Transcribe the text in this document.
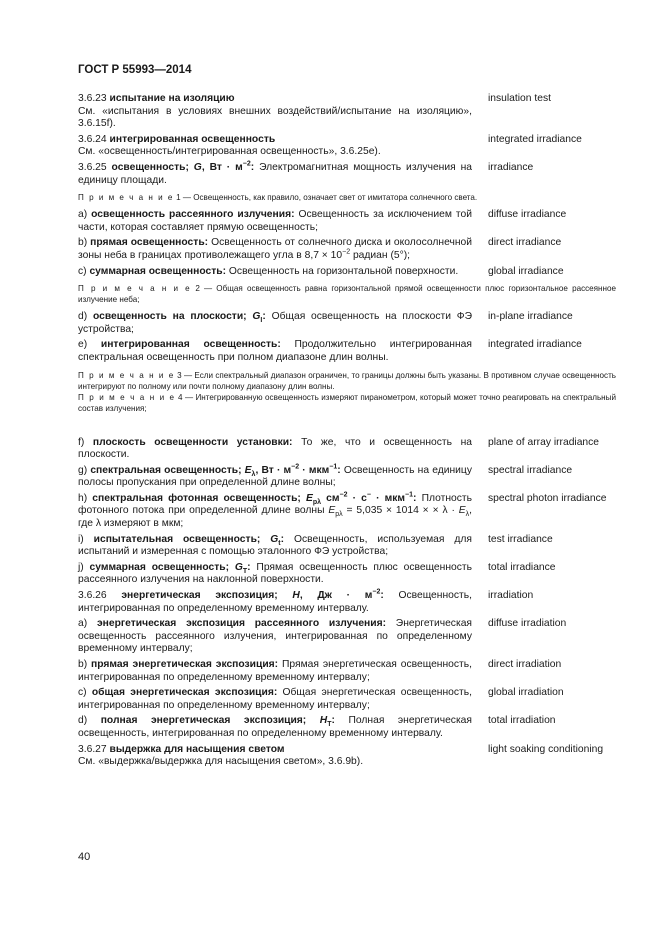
ГОСТ Р 55993—2014
3.6.23 испытание на изоляцию
См. «испытания в условиях внешних воздействий/испытание на изоляцию», 3.6.15f).
insulation test
3.6.24 интегрированная освещенность
См. «освещенность/интегрированная освещенность», 3.6.25е).
integrated irradiance
3.6.25 освещенность; G, Вт · $м^{-2}$: Электромагнитная мощность излучения на единицу площади.
irradiance
П р и м е ч а н и е 1 — Освещенность, как правило, означает свет от имитатора солнечного света.
а) освещенность рассеянного излучения: Освещенность за исключением той части, которая составляет прямую освещенность;
diffuse irradiance
b) прямая освещенность: Освещенность от солнечного диска и околосолнечной зоны неба в границах противолежащего угла в $8,7 \times 10^{-2}$ радиан (5°);
direct irradiance
c) суммарная освещенность: Освещенность на горизонтальной поверхности.	global irradiance
П р и м е ч а н и е 2 — Общая освещенность равна горизонтальной прямой освещенности плюс горизонтальное рассеянное излучение неба;
d) освещенность на плоскости; $G_I$: Общая освещенность на плоскости ФЭ устройства;
in-plane irradiance
e) интегрированная освещенность: Продолжительно интегрированная спектральная освещенность при полном диапазоне длин волны.
integrated irradiance
П р и м е ч а н и е 3 — Если спектральный диапазон ограничен, то границы должны быть указаны. В противном случае освещенность интегрируют по полному или почти полному диапазону длин волны.
П р и м е ч а н и е 4 — Интегрированную освещенность измеряют пиранометром, который может точно реагировать на спектральный состав излучения;
f) плоскость освещенности установки: То же, что и освещенность на плоскости.
plane of array irradiance
g) спектральная освещенность; $E_\lambda$, Вт · $м^{-2} \cdot мкм^{-1}$: Освещенность на единицу полосы пропускания при определенной длине волны;
spectral irradiance
h) спектральная фотонная освещенность; $E_{p\lambda}$ $см^{-2} \cdot с^- \cdot мкм^{-1}$: Плотность фотонного потока при определенной длине волны $E_{p\lambda} = 5,035 \times 1014$ × × $\lambda \cdot E_\lambda$, где λ измеряют в мкм;
spectral photon irradiance
i) испытательная освещенность; $G_t$: Освещенность, используемая для испытаний и измеренная с помощью эталонного ФЭ устройства;
test irradiance
j) суммарная освещенность; $G_T$: Прямая освещенность плюс освещенность рассеянного излучения на наклонной поверхности.
total irradiance
3.6.26 энергетическая экспозиция; H, Дж · $м^{-2}$: Освещенность, интегрированная по определенному временному интервалу.
irradiation
а) энергетическая экспозиция рассеянного излучения: Энергетическая освещенность рассеянного излучения, интегрированная по определенному временному интервалу;
diffuse irradiation
b) прямая энергетическая экспозиция: Прямая энергетическая освещенность, интегрированная по определенному временному интервалу;
direct irradiation
c) общая энергетическая экспозиция: Общая энергетическая освещенность, интегрированная по определенному временному интервалу;
global irradiation
d) полная энергетическая экспозиция; $H_T$: Полная энергетическая освещенность, интегрированная по определенному временному интервалу.
total irradiation
3.6.27 выдержка для насыщения светом
См. «выдержка/выдержка для насыщения светом», 3.6.9b).
light soaking conditioning
40
